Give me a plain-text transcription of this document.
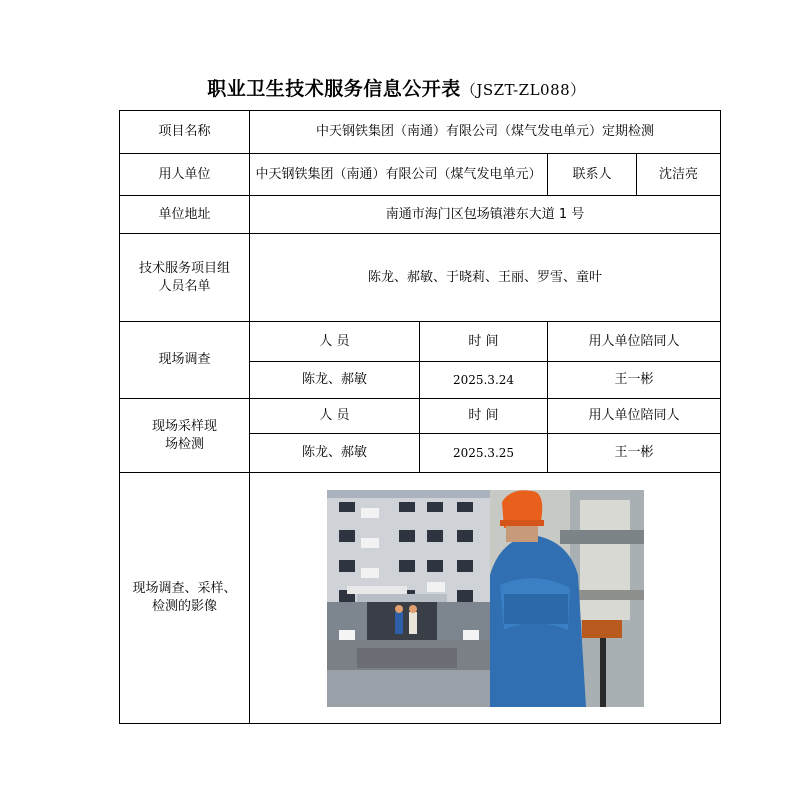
职业卫生技术服务信息公开表（JSZT-ZL088）
项目名称	中天钢铁集团（南通）有限公司（煤气发电单元）定期检测			
用人单位	中天钢铁集团（南通）有限公司（煤气发电单元）		联系人	沈洁亮
单位地址	南通市海门区包场镇港东大道 1 号			
技术服务项目组人员名单	陈龙、郝敏、于晓莉、王丽、罗雪、童叶			
现场调查	人 员	时 间	用人单位陪同人	
	陈龙、郝敏	2025.3.24	王一彬	
现场采样现场检测	人 员	时 间	用人单位陪同人	
	陈龙、郝敏	2025.3.25	王一彬	
现场调查、采样、检测的影像	
